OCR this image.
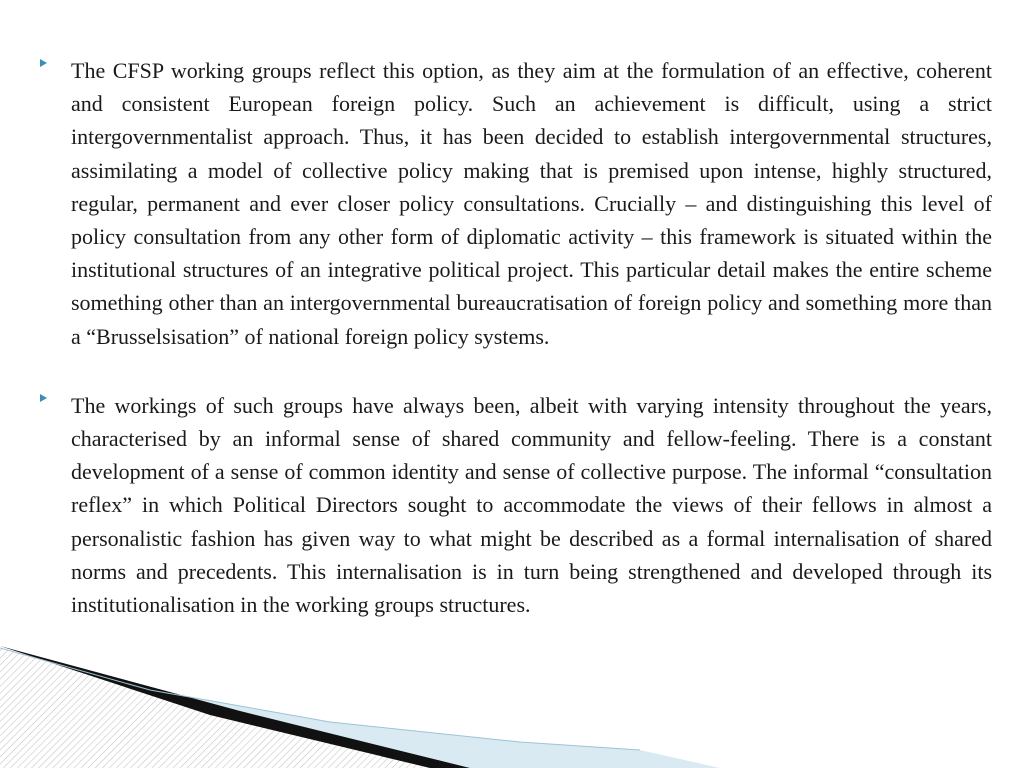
The CFSP working groups reflect this option, as they aim at the formulation of an effective, coherent and consistent European foreign policy. Such an achievement is difficult, using a strict intergovernmentalist approach. Thus, it has been decided to establish intergovernmental structures, assimilating a model of collective policy making that is premised upon intense, highly structured, regular, permanent and ever closer policy consultations. Crucially – and distinguishing this level of policy consultation from any other form of diplomatic activity – this framework is situated within the institutional structures of an integrative political project. This particular detail makes the entire scheme something other than an intergovernmental bureaucratisation of foreign policy and something more than a “Brusselsisation” of national foreign policy systems.

The workings of such groups have always been, albeit with varying intensity throughout the years, characterised by an informal sense of shared community and fellow-feeling. There is a constant development of a sense of common identity and sense of collective purpose. The informal “consultation reflex” in which Political Directors sought to accommodate the views of their fellows in almost a personalistic fashion has given way to what might be described as a formal internalisation of shared norms and precedents. This internalisation is in turn being strengthened and developed through its institutionalisation in the working groups structures.
